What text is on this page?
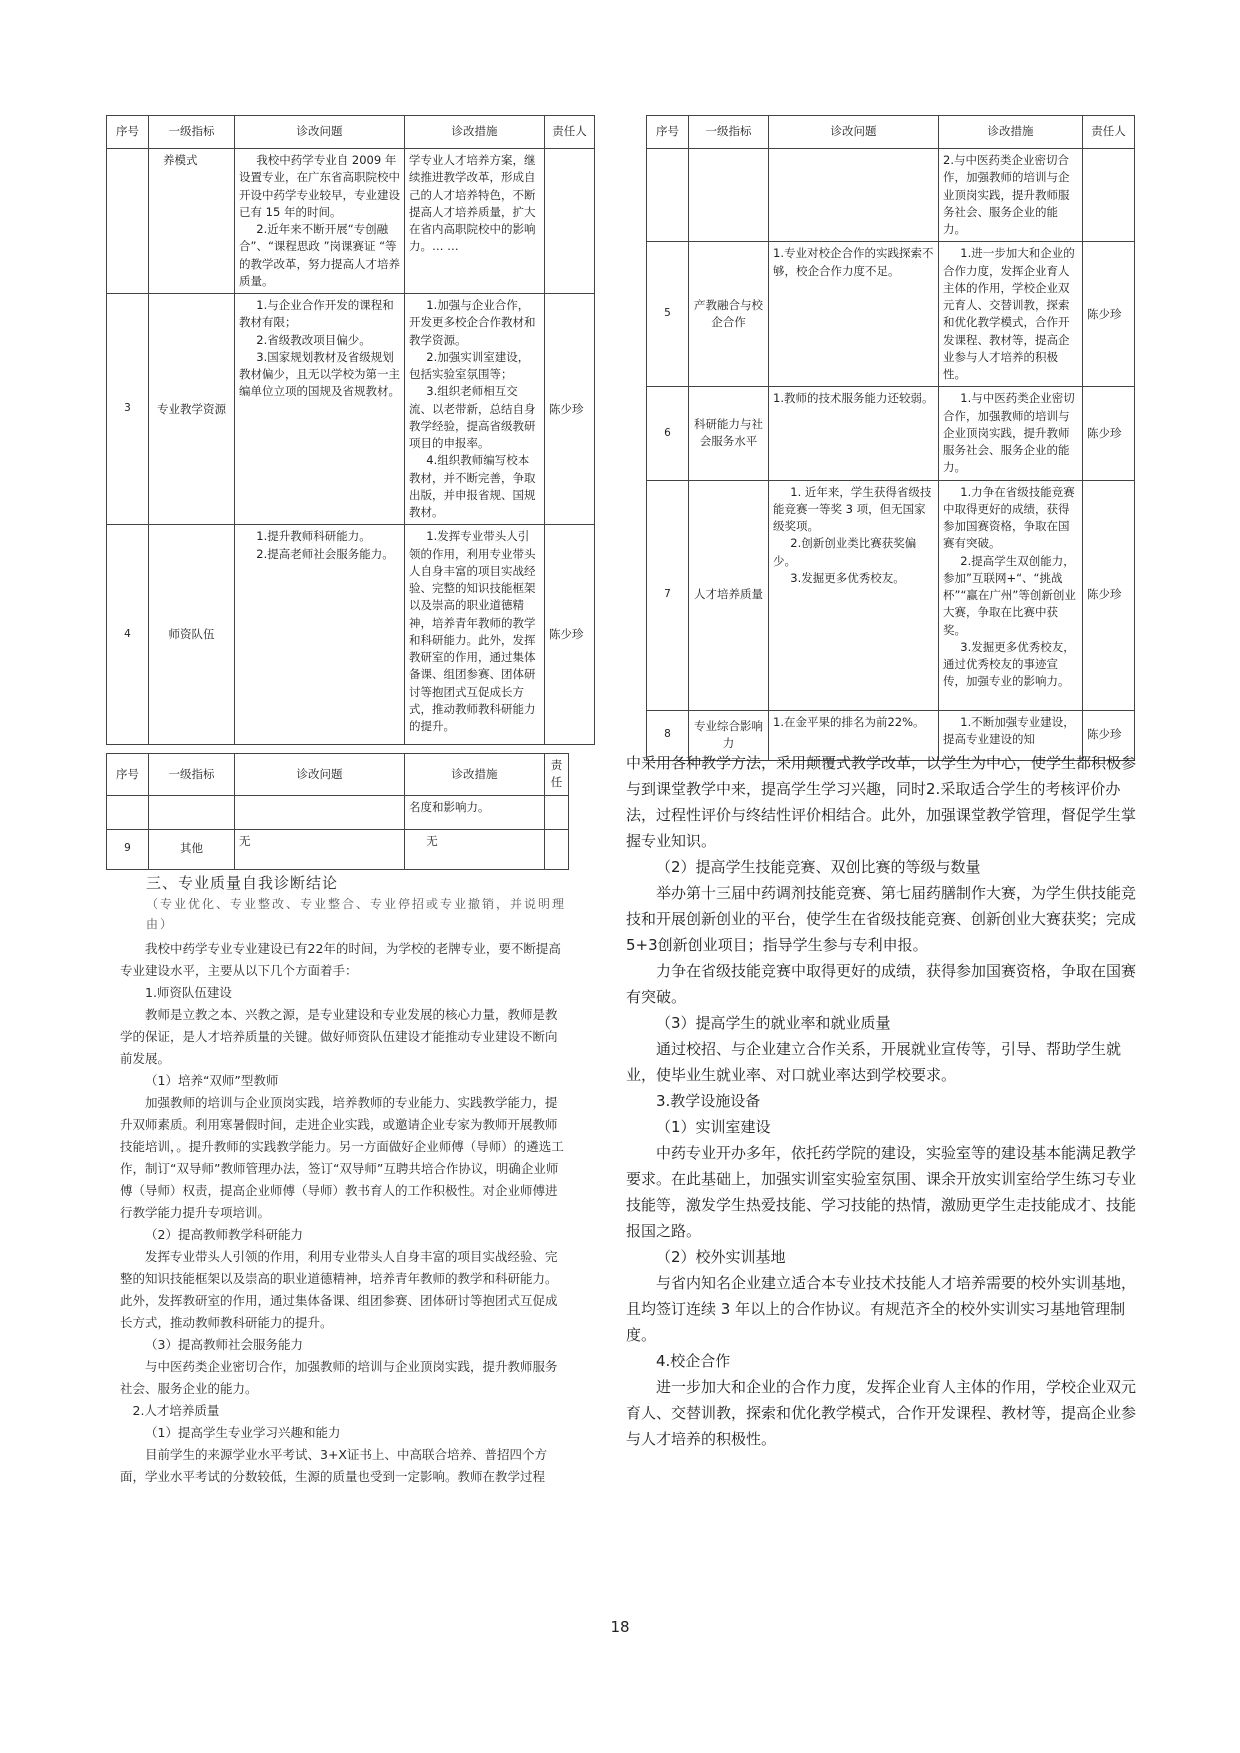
序号	一级指标	诊改问题	诊改措施	责任人
	养模式	我校中药学专业自 2009 年设置专业，在广东省高职院校中开设中药学专业较早，专业建设已有 15 年的时间。
2.近年来不断开展“专创融合”、“课程思政 ”岗课赛证 “等的教学改革，努力提高人才培养质量。	学专业人才培养方案，继续推进教学改革，形成自己的人才培养特色，不断 提高人才培养质量，扩大在省内高职院校中的影响力。… …	

3	专业教学资源	1.与企业合作开发的课程和教材有限；
2.省级教改项目偏少。
3.国家规划教材及省级规划教材偏少，且无以学校为第一主编单位立项的国规及省规教材。	1.加强与企业合作，开发更多校企合作教材和教学资源。
2.加强实训室建设，包括实验室氛围等；
3.组织老师相互交流、以老带新，总结自身教学经验，提高省级教研项目的申报率。
4.组织教师编写校本教材，并不断完善，争取出版，并申报省规、国规教材。	陈少珍
4	师资队伍	1.提升教师科研能力。
2.提高老师社会服务能力。	1.发挥专业带头人引领的作用，利用专业带头人自身丰富的项目实战经验、完整的知识技能框架以及崇高的职业道德精神，培养青年教师的教学和科研能力。此外，发挥教研室的作用，通过集体备课、组团参赛、团体研讨等抱团式互促成长方式，推动教师教科研能力的提升。	陈少珍
序号	一级指标	诊改问题	诊改措施	责任人

			2.与中医药类企业密切合作，加强教师的培训与企业顶岗实践，提升教师服务社会、服务企业的能力。	

5	产教融合与校企合作	1.专业对校企合作的实践探索不够，校企合作力度不足。	1.进一步加大和企业的合作力度，发挥企业育人主体的作用，学校企业双元育人、交替训教，探索和优化教学模式，合作开发课程、教材等，提高企业参与人才培养的积极性。	陈少珍
6	科研能力与社会服务水平	1.教师的技术服务能力还较弱。	1.与中医药类企业密切合作，加强教师的培训与企业顶岗实践，提升教师服务社会、服务企业的能力。	陈少珍
7	人才培养质量	1. 近年来，学生获得省级技能竞赛一等奖 3 项，但无国家级奖项。
2.创新创业类比赛获奖偏少。
3.发掘更多优秀校友。	1.力争在省级技能竞赛中取得更好的成绩，获得参加国赛资格，争取在国赛有突破。
2.提高学生双创能力，参加”互联网+“、“挑战杯”“赢在广州”等创新创业大赛，争取在比赛中获奖。
3.发掘更多优秀校友，通过优秀校友的事迹宣传，加强专业的影响力。	陈少珍
8	专业综合影响力	1.在金平果的排名为前22%。	1.不断加强专业建设，提高专业建设的知	陈少珍
序号	一级指标	诊改问题	诊改措施	责任

			名度和影响力。	

9	其他	无	无	

三、专业质量自我诊断结论

（专业优化、专业整改、专业整合、专业停招或专业撤销，并说明理由）

我校中药学专业专业建设已有22年的时间，为学校的老牌专业，要不断提高专业建设水平，主要从以下几个方面着手：

1.师资队伍建设

教师是立教之本、兴教之源，是专业建设和专业发展的核心力量，教师是教学的保证，是人才培养质量的关键。做好师资队伍建设才能推动专业建设不断向前发展。

（1）培养“双师”型教师

加强教师的培训与企业顶岗实践，培养教师的专业能力、实践教学能力，提升双师素质。利用寒暑假时间，走进企业实践，或邀请企业专家为教师开展教师技能培训，。提升教师的实践教学能力。另一方面做好企业师傅（导师）的遴选工作，制订“双导师”教师管理办法，签订“双导师”互聘共培合作协议，明确企业师傅（导师）权责，提高企业师傅（导师）教书育人的工作积极性。对企业师傅进行教学能力提升专项培训。

（2）提高教师教学科研能力

发挥专业带头人引领的作用，利用专业带头人自身丰富的项目实战经验、完整的知识技能框架以及崇高的职业道德精神，培养青年教师的教学和科研能力。此外，发挥教研室的作用，通过集体备课、组团参赛、团体研讨等抱团式互促成长方式，推动教师教科研能力的提升。

（3）提高教师社会服务能力

与中医药类企业密切合作，加强教师的培训与企业顶岗实践，提升教师服务社会、服务企业的能力。

2.人才培养质量

（1）提高学生专业学习兴趣和能力

目前学生的来源学业水平考试、3+X证书上、中高联合培养、普招四个方面，学业水平考试的分数较低，生源的质量也受到一定影响。教师在教学过程

中采用各种教学方法，采用颠覆式教学改革，以学生为中心，使学生都积极参与到课堂教学中来，提高学生学习兴趣，同时2.采取适合学生的考核评价办法，过程性评价与终结性评价相结合。此外，加强课堂教学管理，督促学生掌握专业知识。

（2）提高学生技能竞赛、双创比赛的等级与数量

举办第十三届中药调剂技能竞赛、第七届药膳制作大赛，为学生供技能竞技和开展创新创业的平台，使学生在省级技能竞赛、创新创业大赛获奖；完成5+3创新创业项目；指导学生参与专利申报。

力争在省级技能竞赛中取得更好的成绩，获得参加国赛资格，争取在国赛有突破。

（3）提高学生的就业率和就业质量

通过校招、与企业建立合作关系，开展就业宣传等，引导、帮助学生就业，使毕业生就业率、对口就业率达到学校要求。

3.教学设施设备

（1）实训室建设

中药专业开办多年，依托药学院的建设，实验室等的建设基本能满足教学要求。在此基础上，加强实训室实验室氛围、课余开放实训室给学生练习专业技能等，激发学生热爱技能、学习技能的热情，激励更学生走技能成才、技能报国之路。

（2）校外实训基地

与省内知名企业建立适合本专业技术技能人才培养需要的校外实训基地，且均签订连续 3 年以上的合作协议。有规范齐全的校外实训实习基地管理制度。

4.校企合作

进一步加大和企业的合作力度，发挥企业育人主体的作用，学校企业双元育人、交替训教，探索和优化教学模式，合作开发课程、教材等，提高企业参与人才培养的积极性。

18
